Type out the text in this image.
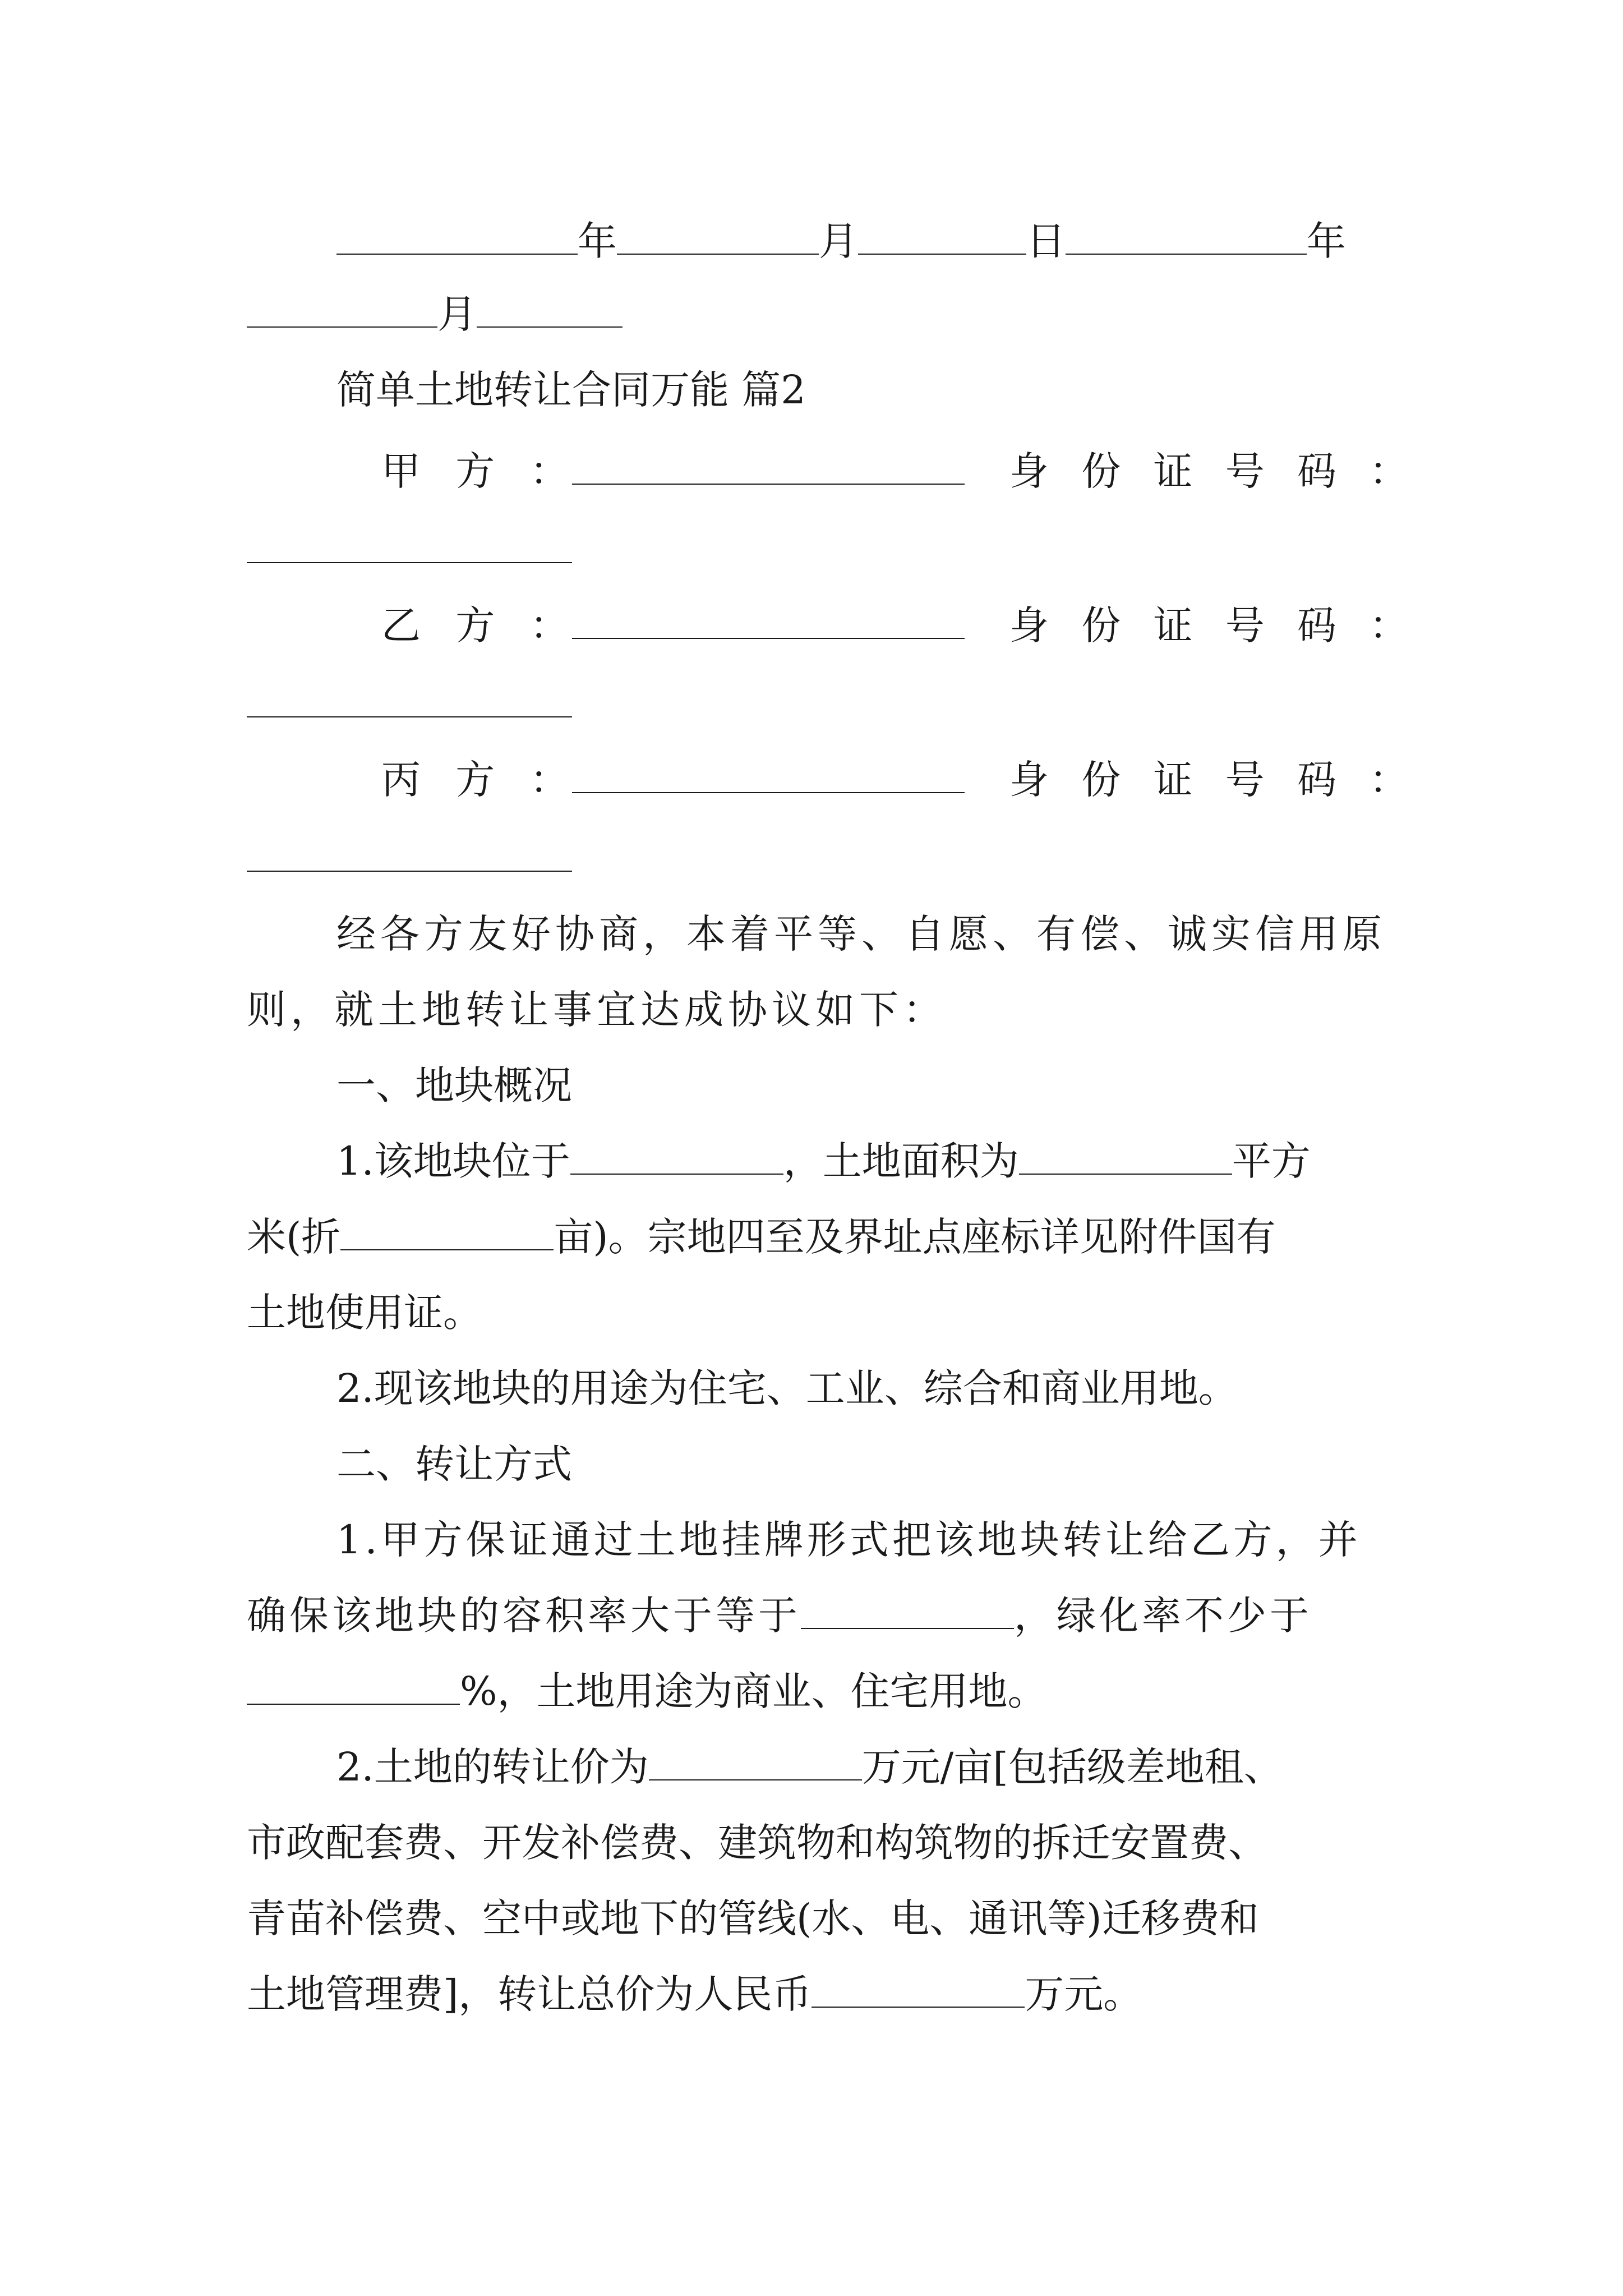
年	月	日	年
月
简单土地转让合同万能 篇2
甲 方 ：	身 份 证 号 码 ：
乙 方 ：	身 份 证 号 码 ：
丙 方 ：	身 份 证 号 码 ：
经各方友好协商，本着平等、自愿、有偿、诚实信用原
则，就土地转让事宜达成协议如下：
一、地块概况
1.该地块位于	，土地面积为	平方
米(折	亩)。宗地四至及界址点座标详见附件国有
土地使用证。
2.现该地块的用途为住宅、工业、综合和商业用地。
二、转让方式
1.甲方保证通过土地挂牌形式把该地块转让给乙方，并
确保该地块的容积率大于等于	，绿化率不少于
%，土地用途为商业、住宅用地。
2.土地的转让价为	万元/亩[包括级差地租、
市政配套费、开发补偿费、建筑物和构筑物的拆迁安置费、
青苗补偿费、空中或地下的管线(水、电、通讯等)迁移费和
土地管理费]，转让总价为人民币	万元。
